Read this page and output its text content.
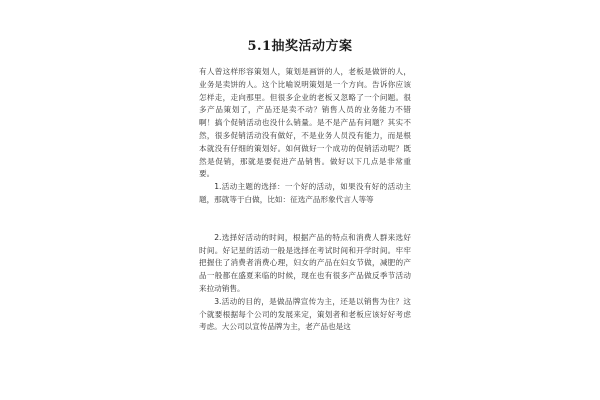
5.1抽奖活动方案

有人曾这样形容策划人，策划是画饼的人，老板是做饼的人，业务是卖饼的人。这个比喻说明策划是一个方向。告诉你应该怎样走，走向那里。但很多企业的老板又忽略了一个问题。很多产品策划了，产品还是卖不动？销售人员的业务能力不错啊！搞个促销活动也没什么销量。是不是产品有问题？其实不然，很多促销活动没有做好，不是业务人员没有能力，而是根本就没有仔细的策划好。如何做好一个成功的促销活动呢？既然是促销，那就是要促进产品销售。做好以下几点是非常重要。

1.活动主题的选择：一个好的活动，如果没有好的活动主题，那就等于白做，比如：征选产品形象代言人等等

2.选择好活动的时间，根据产品的特点和消费人群来选好时间。好记星的活动一般是选择在考试时间和开学时间。牢牢把握住了消费者消费心理，妇女的产品在妇女节做，减肥的产品一般都在盛夏来临的时候，现在也有很多产品做反季节活动来拉动销售。

3.活动的目的，是做品牌宣传为主，还是以销售为住？这个就要根据每个公司的发展来定，策划者和老板应该好好考虑考虑。大公司以宣传品牌为主，老产品也是这
